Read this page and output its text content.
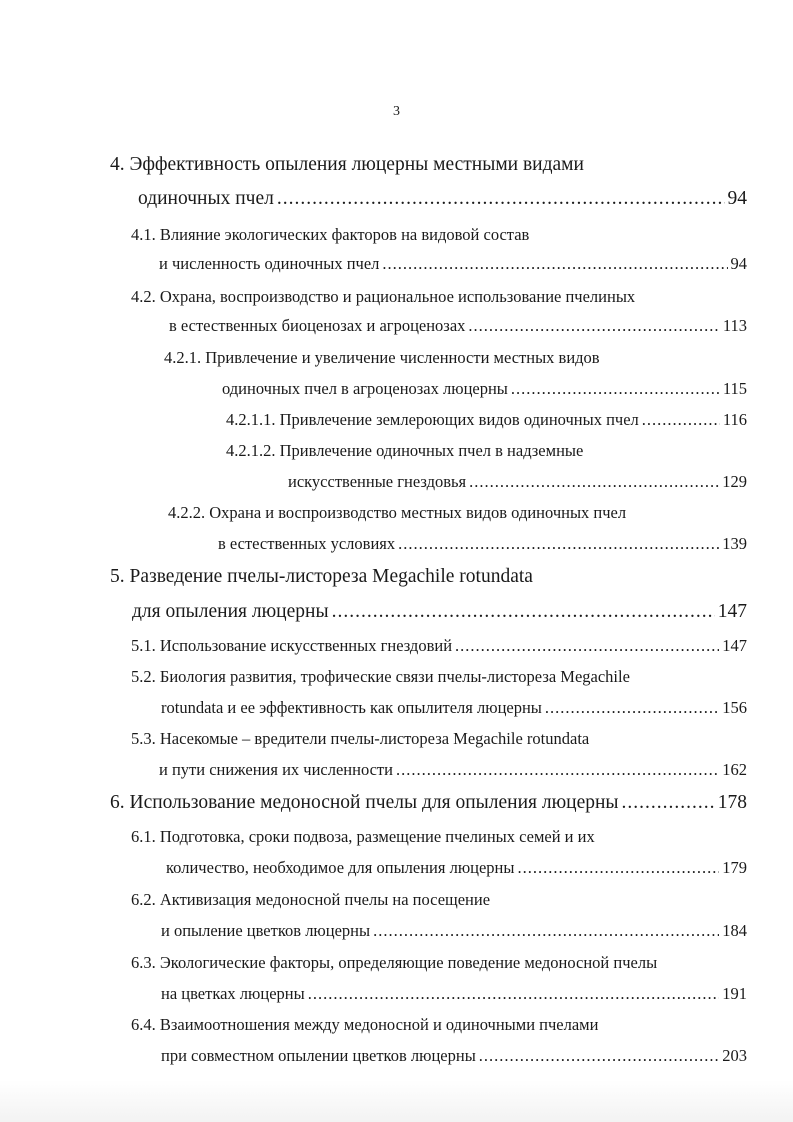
3
4. Эффективность опыления люцерны местными видами
одиночных пчел .....	94
4.1. Влияние экологических факторов на видовой состав
и численность одиночных пчел .....	94
4.2. Охрана, воспроизводство и рациональное использование пчелиных
в естественных биоценозах и агроценозах .....	113
4.2.1. Привлечение и увеличение численности местных видов
одиночных пчел в агроценозах люцерны .....	115
4.2.1.1. Привлечение землероющих видов одиночных пчел .....	116
4.2.1.2. Привлечение одиночных пчел в надземные
искусственные гнездовья .....	129
4.2.2. Охрана и воспроизводство местных видов одиночных пчел
в естественных условиях .....	139
5. Разведение пчелы-листореза Megachile rotundata
для опыления люцерны .....	147
5.1. Использование искусственных гнездовий .....	147
5.2. Биология развития, трофические связи пчелы-листореза Megachile
rotundata и ее эффективность как опылителя люцерны .....	156
5.3. Насекомые – вредители пчелы-листореза Megachile rotundata
и пути снижения их численности .....	162
6. Использование медоносной пчелы для опыления люцерны .....	178
6.1. Подготовка, сроки подвоза, размещение пчелиных семей и их
количество, необходимое для опыления люцерны .....	179
6.2. Активизация медоносной пчелы на посещение
и опыление цветков люцерны .....	184
6.3. Экологические факторы, определяющие поведение медоносной пчелы
на цветках люцерны .....	191
6.4. Взаимоотношения между медоносной и одиночными пчелами
при совместном опылении цветков люцерны .....	203
